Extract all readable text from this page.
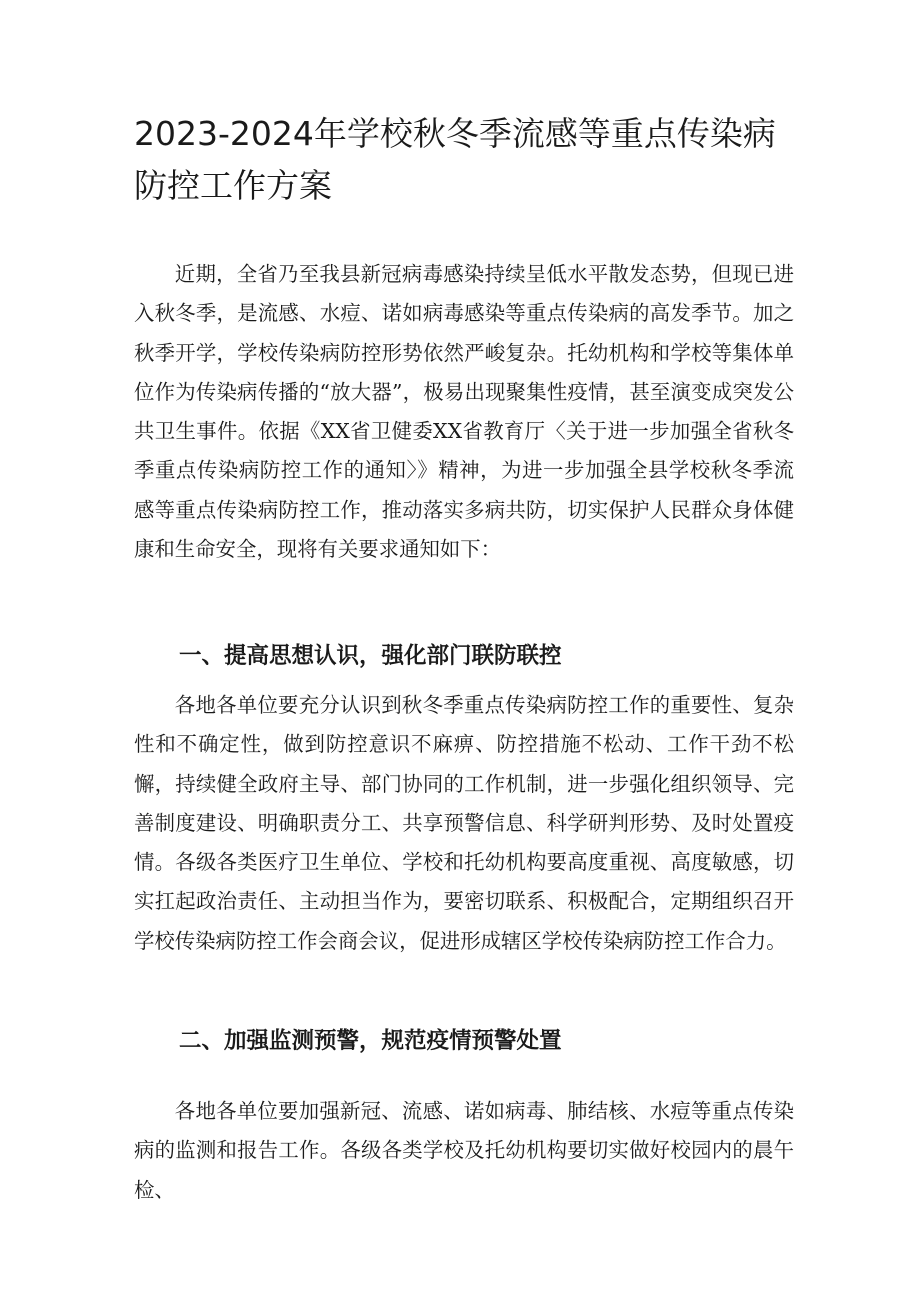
2023-2024年学校秋冬季流感等重点传染病防控工作方案

近期，全省乃至我县新冠病毒感染持续呈低水平散发态势，但现已进入秋冬季，是流感、水痘、诺如病毒感染等重点传染病的高发季节。加之秋季开学，学校传染病防控形势依然严峻复杂。托幼机构和学校等集体单位作为传染病传播的“放大器”，极易出现聚集性疫情，甚至演变成突发公共卫生事件。依据《XX省卫健委XX省教育厅〈关于进一步加强全省秋冬季重点传染病防控工作的通知〉》精神，为进一步加强全县学校秋冬季流感等重点传染病防控工作，推动落实多病共防，切实保护人民群众身体健康和生命安全，现将有关要求通知如下：

一、提高思想认识，强化部门联防联控

各地各单位要充分认识到秋冬季重点传染病防控工作的重要性、复杂性和不确定性，做到防控意识不麻痹、防控措施不松动、工作干劲不松懈，持续健全政府主导、部门协同的工作机制，进一步强化组织领导、完善制度建设、明确职责分工、共享预警信息、科学研判形势、及时处置疫情。各级各类医疗卫生单位、学校和托幼机构要高度重视、高度敏感，切实扛起政治责任、主动担当作为，要密切联系、积极配合，定期组织召开学校传染病防控工作会商会议，促进形成辖区学校传染病防控工作合力。

二、加强监测预警，规范疫情预警处置

各地各单位要加强新冠、流感、诺如病毒、肺结核、水痘等重点传染病的监测和报告工作。各级各类学校及托幼机构要切实做好校园内的晨午检、
